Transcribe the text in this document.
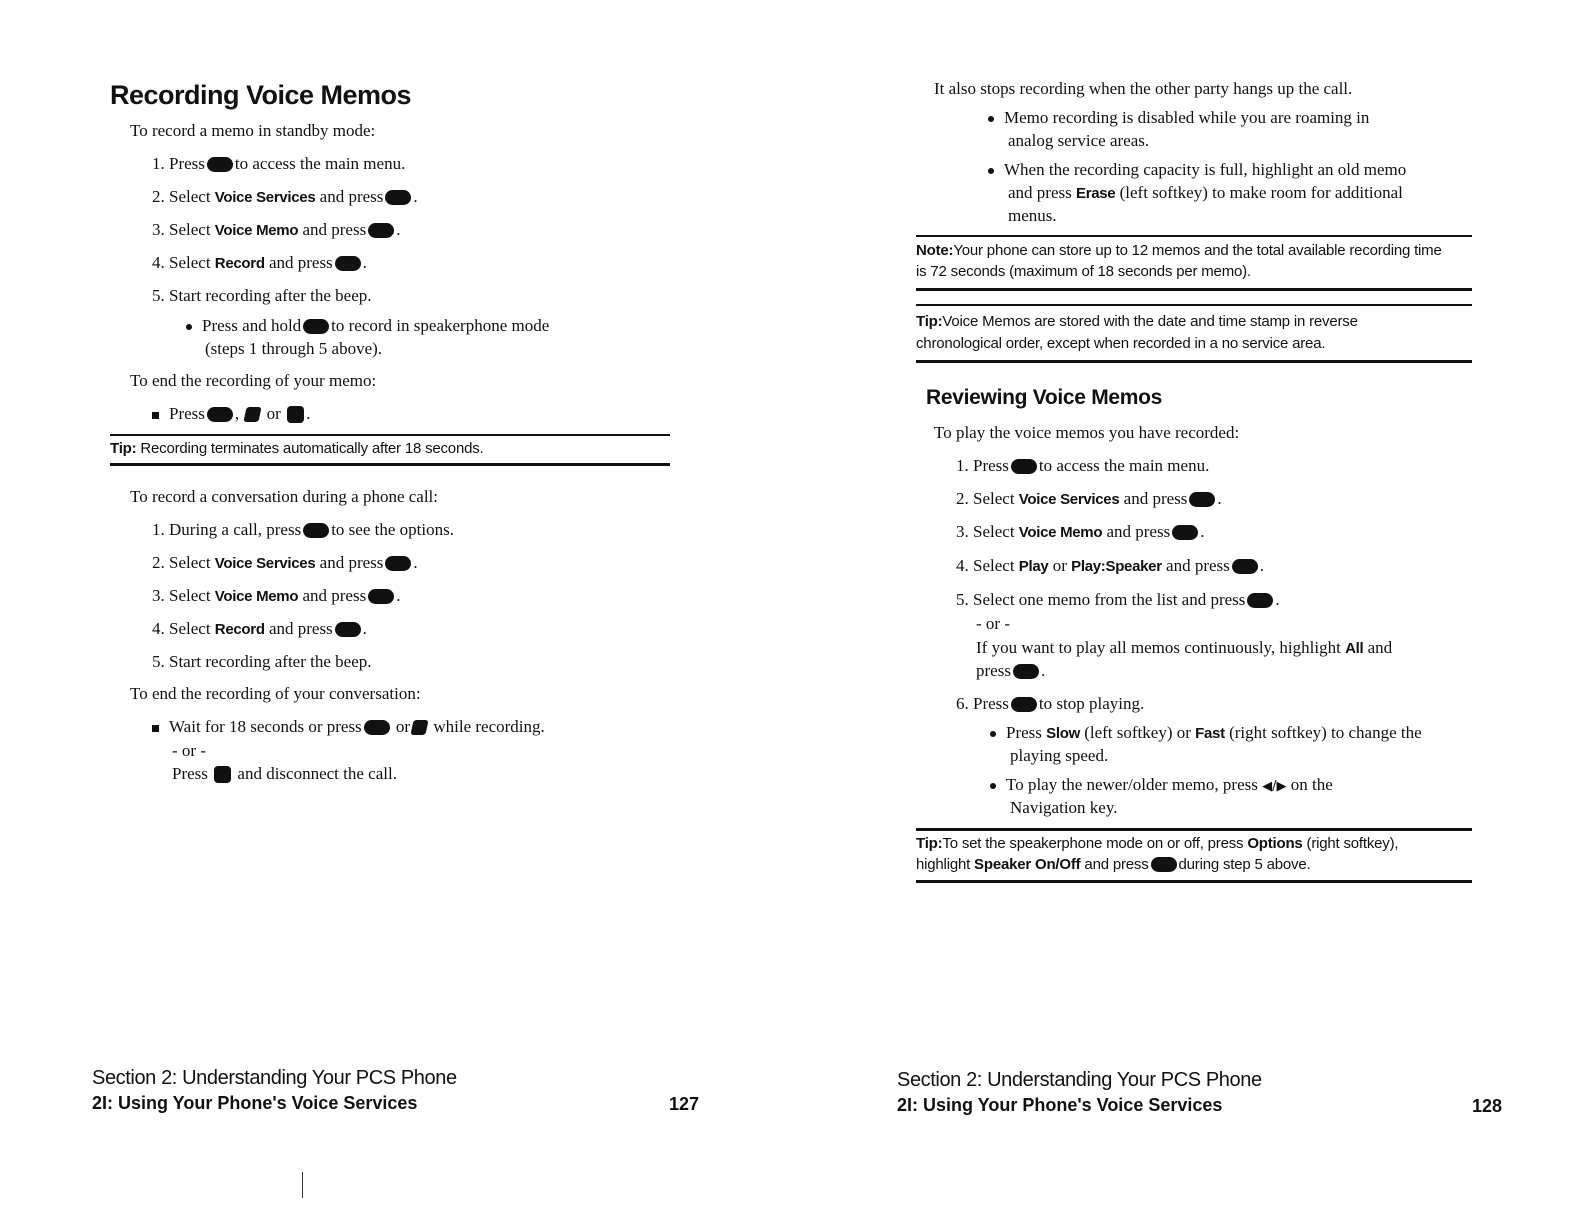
Recording Voice Memos
To record a memo in standby mode:
1. Press to access the main menu.
2. Select Voice Services and press .
3. Select Voice Memo and press .
4. Select Record and press .
5. Start recording after the beep.
Press and hold to record in speakerphone mode
(steps 1 through 5 above).
To end the recording of your memo:
Press ,  or .
Tip: Recording terminates automatically after 18 seconds.
To record a conversation during a phone call:
1. During a call, press to see the options.
2. Select Voice Services and press .
3. Select Voice Memo and press .
4. Select Record and press .
5. Start recording after the beep.
To end the recording of your conversation:
Wait for 18 seconds or press or while recording.
- or -
Press and disconnect the call.
Section 2: Understanding Your PCS Phone
2I: Using Your Phone's Voice Services	127
It also stops recording when the other party hangs up the call.
Memo recording is disabled while you are roaming in
analog service areas.
When the recording capacity is full, highlight an old memo
and press Erase (left softkey) to make room for additional
menus.
Note:Your phone can store up to 12 memos and the total available recording time
is 72 seconds (maximum of 18 seconds per memo).
Tip:Voice Memos are stored with the date and time stamp in reverse
chronological order, except when recorded in a no service area.
Reviewing Voice Memos
To play the voice memos you have recorded:
1. Press to access the main menu.
2. Select Voice Services and press .
3. Select Voice Memo and press .
4. Select Play or Play:Speaker and press .
5. Select one memo from the list and press .
- or -
If you want to play all memos continuously, highlight All and
press .
6. Press to stop playing.
Press Slow (left softkey) or Fast (right softkey) to change the
playing speed.
To play the newer/older memo, press ◀/▶ on the
Navigation key.
Tip:To set the speakerphone mode on or off, press Options (right softkey),
highlight Speaker On/Off and press during step 5 above.
Section 2: Understanding Your PCS Phone
2I: Using Your Phone's Voice Services	128
